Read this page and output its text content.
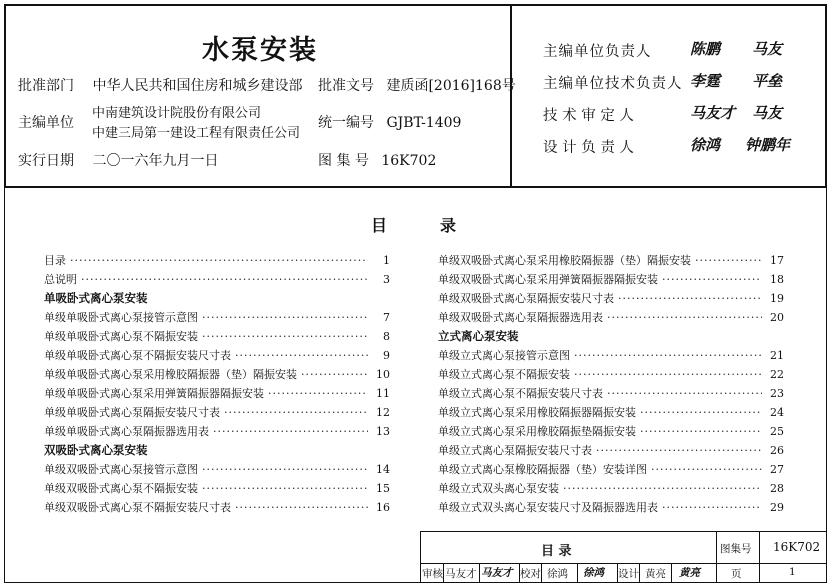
水泵安装
批准部门 中华人民共和国住房和城乡建设部 批准文号 建质函[2016]168号
主编单位
中南建筑设计院股份有限公司
中建三局第一建设工程有限责任公司
统一编号 GJBT-1409
实行日期 二〇一六年九月一日	图 集 号 16K702
主编单位负责人	陈鹏 马友
主编单位技术负责人 李霆 平垒
技 术 审 定 人	马友才 马友
设 计 负 责 人	徐鸿 钟鹏年
目	录
目录 ·····	1
总说明 ·····	3
单吸卧式离心泵安装
单级单吸卧式离心泵接管示意图 ·····	7
单级单吸卧式离心泵不隔振安装 ·····	8
单级单吸卧式离心泵不隔振安装尺寸表 ·····	9
单级单吸卧式离心泵采用橡胶隔振器（垫）隔振安装 ·····	10
单级单吸卧式离心泵采用弹簧隔振器隔振安装 ·····	11
单级单吸卧式离心泵隔振安装尺寸表 ·····	12
单级单吸卧式离心泵隔振器选用表 ·····	13
双吸卧式离心泵安装
单级双吸卧式离心泵接管示意图 ·····	14
单级双吸卧式离心泵不隔振安装 ·····	15
单级双吸卧式离心泵不隔振安装尺寸表 ·····	16
单级双吸卧式离心泵采用橡胶隔振器（垫）隔振安装 ·····	17
单级双吸卧式离心泵采用弹簧隔振器隔振安装 ·····	18
单级双吸卧式离心泵隔振安装尺寸表 ·····	19
单级双吸卧式离心泵隔振器选用表 ·····	20
立式离心泵安装
单级立式离心泵接管示意图 ·····	21
单级立式离心泵不隔振安装 ·····	22
单级立式离心泵不隔振安装尺寸表 ·····	23
单级立式离心泵采用橡胶隔振器隔振安装 ·····	24
单级立式离心泵采用橡胶隔振垫隔振安装 ·····	25
单级立式离心泵隔振安装尺寸表 ·····	26
单级立式离心泵橡胶隔振器（垫）安装详图 ·····	27
单级立式双头离心泵安装 ·····	28
单级立式双头离心泵安装尺寸及隔振器选用表 ·····	29
目 录	图集号 16K702
审核 马友才 马友才 校对 徐鸿 徐鸿 设计 黄亮 黄亮	页	1
